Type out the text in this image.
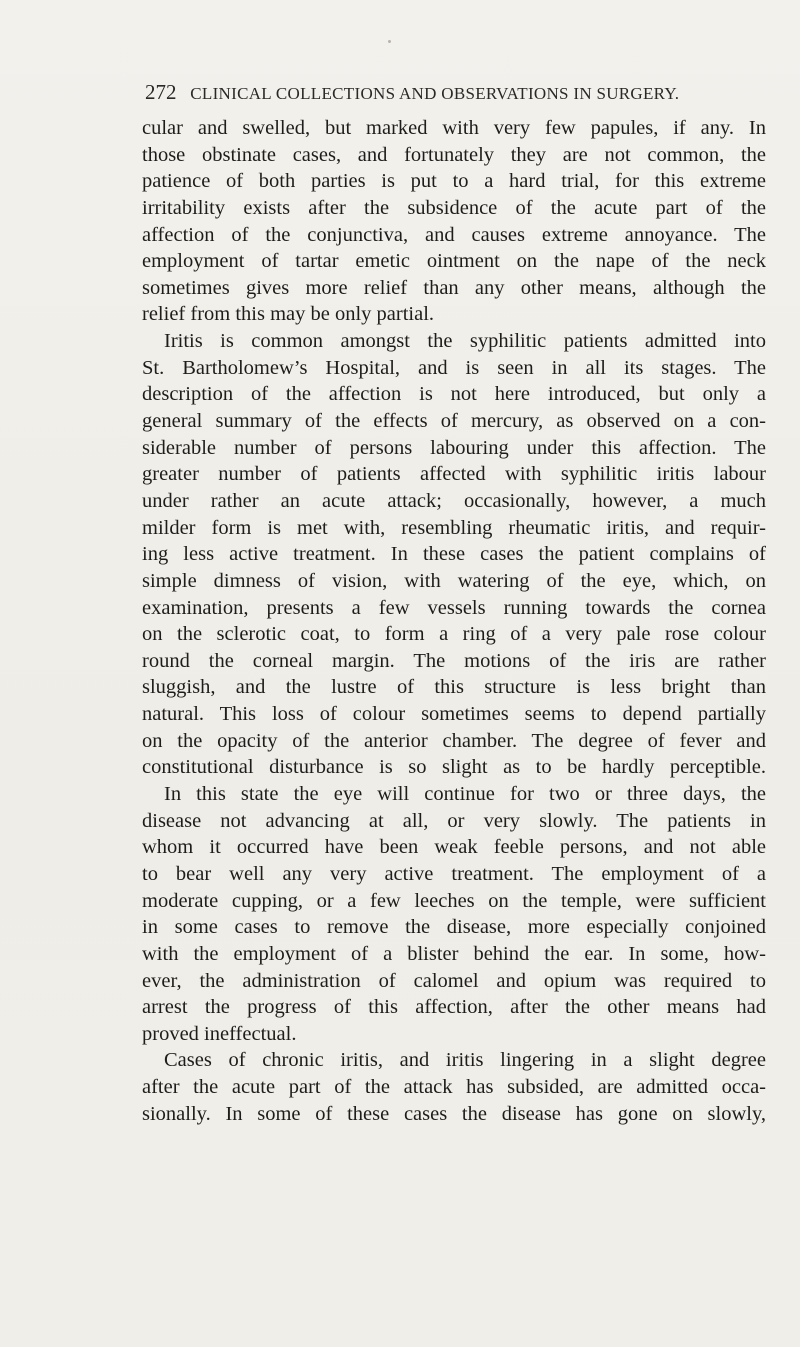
272 CLINICAL COLLECTIONS AND OBSERVATIONS IN SURGERY.

cular and swelled, but marked with very few papules, if any. In
those obstinate cases, and fortunately they are not common, the
patience of both parties is put to a hard trial, for this extreme
irritability exists after the subsidence of the acute part of the
affection of the conjunctiva, and causes extreme annoyance. The
employment of tartar emetic ointment on the nape of the neck
sometimes gives more relief than any other means, although the
relief from this may be only partial.

Iritis is common amongst the syphilitic patients admitted into
St. Bartholomew’s Hospital, and is seen in all its stages. The
description of the affection is not here introduced, but only a
general summary of the effects of mercury, as observed on a con-
siderable number of persons labouring under this affection. The
greater number of patients affected with syphilitic iritis labour
under rather an acute attack; occasionally, however, a much
milder form is met with, resembling rheumatic iritis, and requir-
ing less active treatment. In these cases the patient complains of
simple dimness of vision, with watering of the eye, which, on
examination, presents a few vessels running towards the cornea
on the sclerotic coat, to form a ring of a very pale rose colour
round the corneal margin. The motions of the iris are rather
sluggish, and the lustre of this structure is less bright than
natural. This loss of colour sometimes seems to depend partially
on the opacity of the anterior chamber. The degree of fever and
constitutional disturbance is so slight as to be hardly perceptible.
In this state the eye will continue for two or three days, the
disease not advancing at all, or very slowly. The patients in
whom it occurred have been weak feeble persons, and not able
to bear well any very active treatment. The employment of a
moderate cupping, or a few leeches on the temple, were sufficient
in some cases to remove the disease, more especially conjoined
with the employment of a blister behind the ear. In some, how-
ever, the administration of calomel and opium was required to
arrest the progress of this affection, after the other means had
proved ineffectual.

Cases of chronic iritis, and iritis lingering in a slight degree
after the acute part of the attack has subsided, are admitted occa-
sionally. In some of these cases the disease has gone on slowly,
